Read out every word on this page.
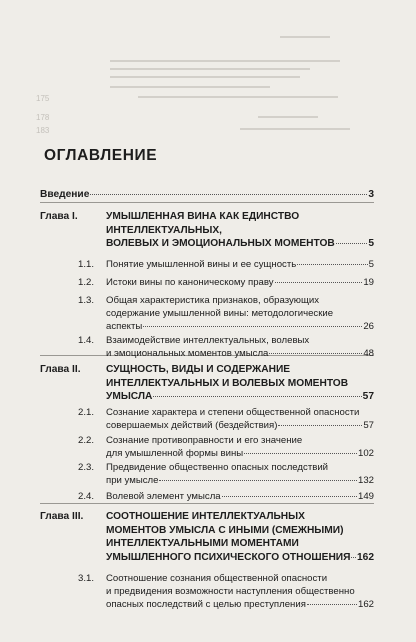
175
178
183
ОГЛАВЛЕНИЕ
Введение	3
Глава I.	УМЫШЛЕННАЯ ВИНА КАК ЕДИНСТВО
ИНТЕЛЛЕКТУАЛЬНЫХ,
ВОЛЕВЫХ И ЭМОЦИОНАЛЬНЫХ МОМЕНТОВ	5
1.1.	Понятие умышленной вины и ее сущность	5
1.2.	Истоки вины по каноническому праву	19
1.3.	Общая характеристика признаков, образующих
содержание умышленной вины: методологические
аспекты	26
1.4.	Взаимодействие интеллектуальных, волевых
и эмоциональных моментов умысла	48
Глава II.	СУЩНОСТЬ, ВИДЫ И СОДЕРЖАНИЕ
ИНТЕЛЛЕКТУАЛЬНЫХ И ВОЛЕВЫХ МОМЕНТОВ
УМЫСЛА	57
2.1.	Сознание характера и степени общественной опасности
совершаемых действий (бездействия)	57
2.2.	Сознание противоправности и его значение
для умышленной формы вины	102
2.3.	Предвидение общественно опасных последствий
при умысле	132
2.4.	Волевой элемент умысла	149
Глава III.	СООТНОШЕНИЕ ИНТЕЛЛЕКТУАЛЬНЫХ
МОМЕНТОВ УМЫСЛА С ИНЫМИ (СМЕЖНЫМИ)
ИНТЕЛЛЕКТУАЛЬНЫМИ МОМЕНТАМИ
УМЫШЛЕННОГО ПСИХИЧЕСКОГО ОТНОШЕНИЯ 162
3.1.	Соотношение сознания общественной опасности
и предвидения возможности наступления общественно
опасных последствий с целью преступления	162
